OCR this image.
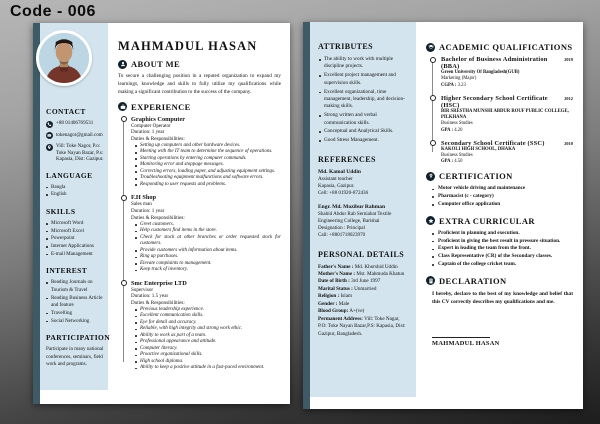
Code - 006
CONTACT
+88 01406769531
tokenagor@gmail.com
Vill: Toke Nagor, P.o: Toke Nayan Bazar, P.s: Kapasia, Dist: Gazipur.
LANGUAGE
Bangla
English
SKILLS
Microsoft Word
Microsoft Excel
Powerpoint
Internet Applications
E-mail Management
INTEREST
Reading Journals on Tourism & Travel
Reading Business Article and feature
Travelling
Social Networking
PARTICIPATION

Participate in many national conferences, seminars, field work and programs.

MAHMADUL HASAN
ABOUT ME

To secure a challenging position in a reputed organization to expand my learnings, knowledge and skills to fully utilize my qualifications while making a significant contribution to the success of the company.

EXPERIENCE
Graphics Computer
Computer Operator
Duration: 1 year
Duties & Responsibilities:
Setting up computers and other hardware devices.
Meeting with the IT team to determine the sequence of operations.
Starting operations by entering computer commands.
Monitoring error and stoppage messages.
Correcting errors, loading paper, and adjusting equipment settings.
Troubleshooting equipment malfunctions and software errors.
Responding to user requests and problems.
F.H Shop
Sales man
Duration: 1 year
Duties & Responsibilities:
Greet customers.
Help customers find items in the store.
Check for stock at other branches or order requested stock for customers.
Provide customers with information about items.
Ring up purchases.
Elevate complaints to management.
Keep track of inventory.
Smc Enterprise LTD
Supervisor
Duration: 1.5 year
Duties & Responsibilities:
Previous leadership experience.
Excellent communication skills.
Eye for detail and accuracy.
Reliable, with high integrity and strong work ethic.
Ability to work as part of a team.
Professional appearance and attitude.
Computer literacy.
Proactive organizational skills.
High school diploma.
Ability to keep a positive attitude in a fast-paced environment.
ATTRIBUTES
The ability to work with multiple discipline projects.
Excellent project management and supervision skills.
Excellent organizational, time management, leadership, and decision-making skills.
Strong written and verbal communication skills.
Conceptual and Analytical Skills.
Good Stress Management.
REFERENCES
Md. Kamal Uddin
Assistant teacher
Kapasia, Gazipur.
Cell: +88 01920-872436
Engr. Md. Mozibur Rahman
Shahid Abdur Rab Serniabat Textile Engineering College, Barishal
Designation : Principal
Call: +8801718023970
PERSONAL DETAILS
Father's Name : Md. Khorshid Uddin
Mother's Name : Mst. Mahmuda Khatun
Date of Birth : 3rd June 1997
Marital Status : Unmarried
Religion : Islam
Gender : Male
Blood Group: A+(ve)
Permanent Address: Vill: Toke Nagar, P.O: Toke Nayan Bazar,P.S: Kapasia, Dist: Gazipur, Bangladesh.
ACADEMIC QUALIFICATIONS
Bachelor of Business Administration (BBA)
2019
Green University Of Bangladesh(GUB)
Marketing (Major)
CGPA : 3.23
Higher Secondary School Certificate (HSC)
2012
BIR SRESTHA MUNSHI ABDUR ROUF PUBLIC COLLEGE, PILKHANA
Business Studies
GPA : 4.20
Secondary School Certificate (SSC)	2010
KAKOLI HIGH SCHOOL, DHAKA
Business Studies
GPA : 4.50
CERTIFICATION
Motor vehicle driving and maintenance
Pharmacist (c - category)
Computer office application
EXTRA CURRICULAR
Proficient in planning and execution.
Proficient in giving the best result in pressure situation.
Expert in leading the team from the front.
Class Representative (CR) of the Secondary classes.
Captain of the college cricket team.
DECLARATION

I hereby, declare to the best of my knowledge and belief that this CV correctly describes my qualifications and me.

MAHMADUL HASAN
